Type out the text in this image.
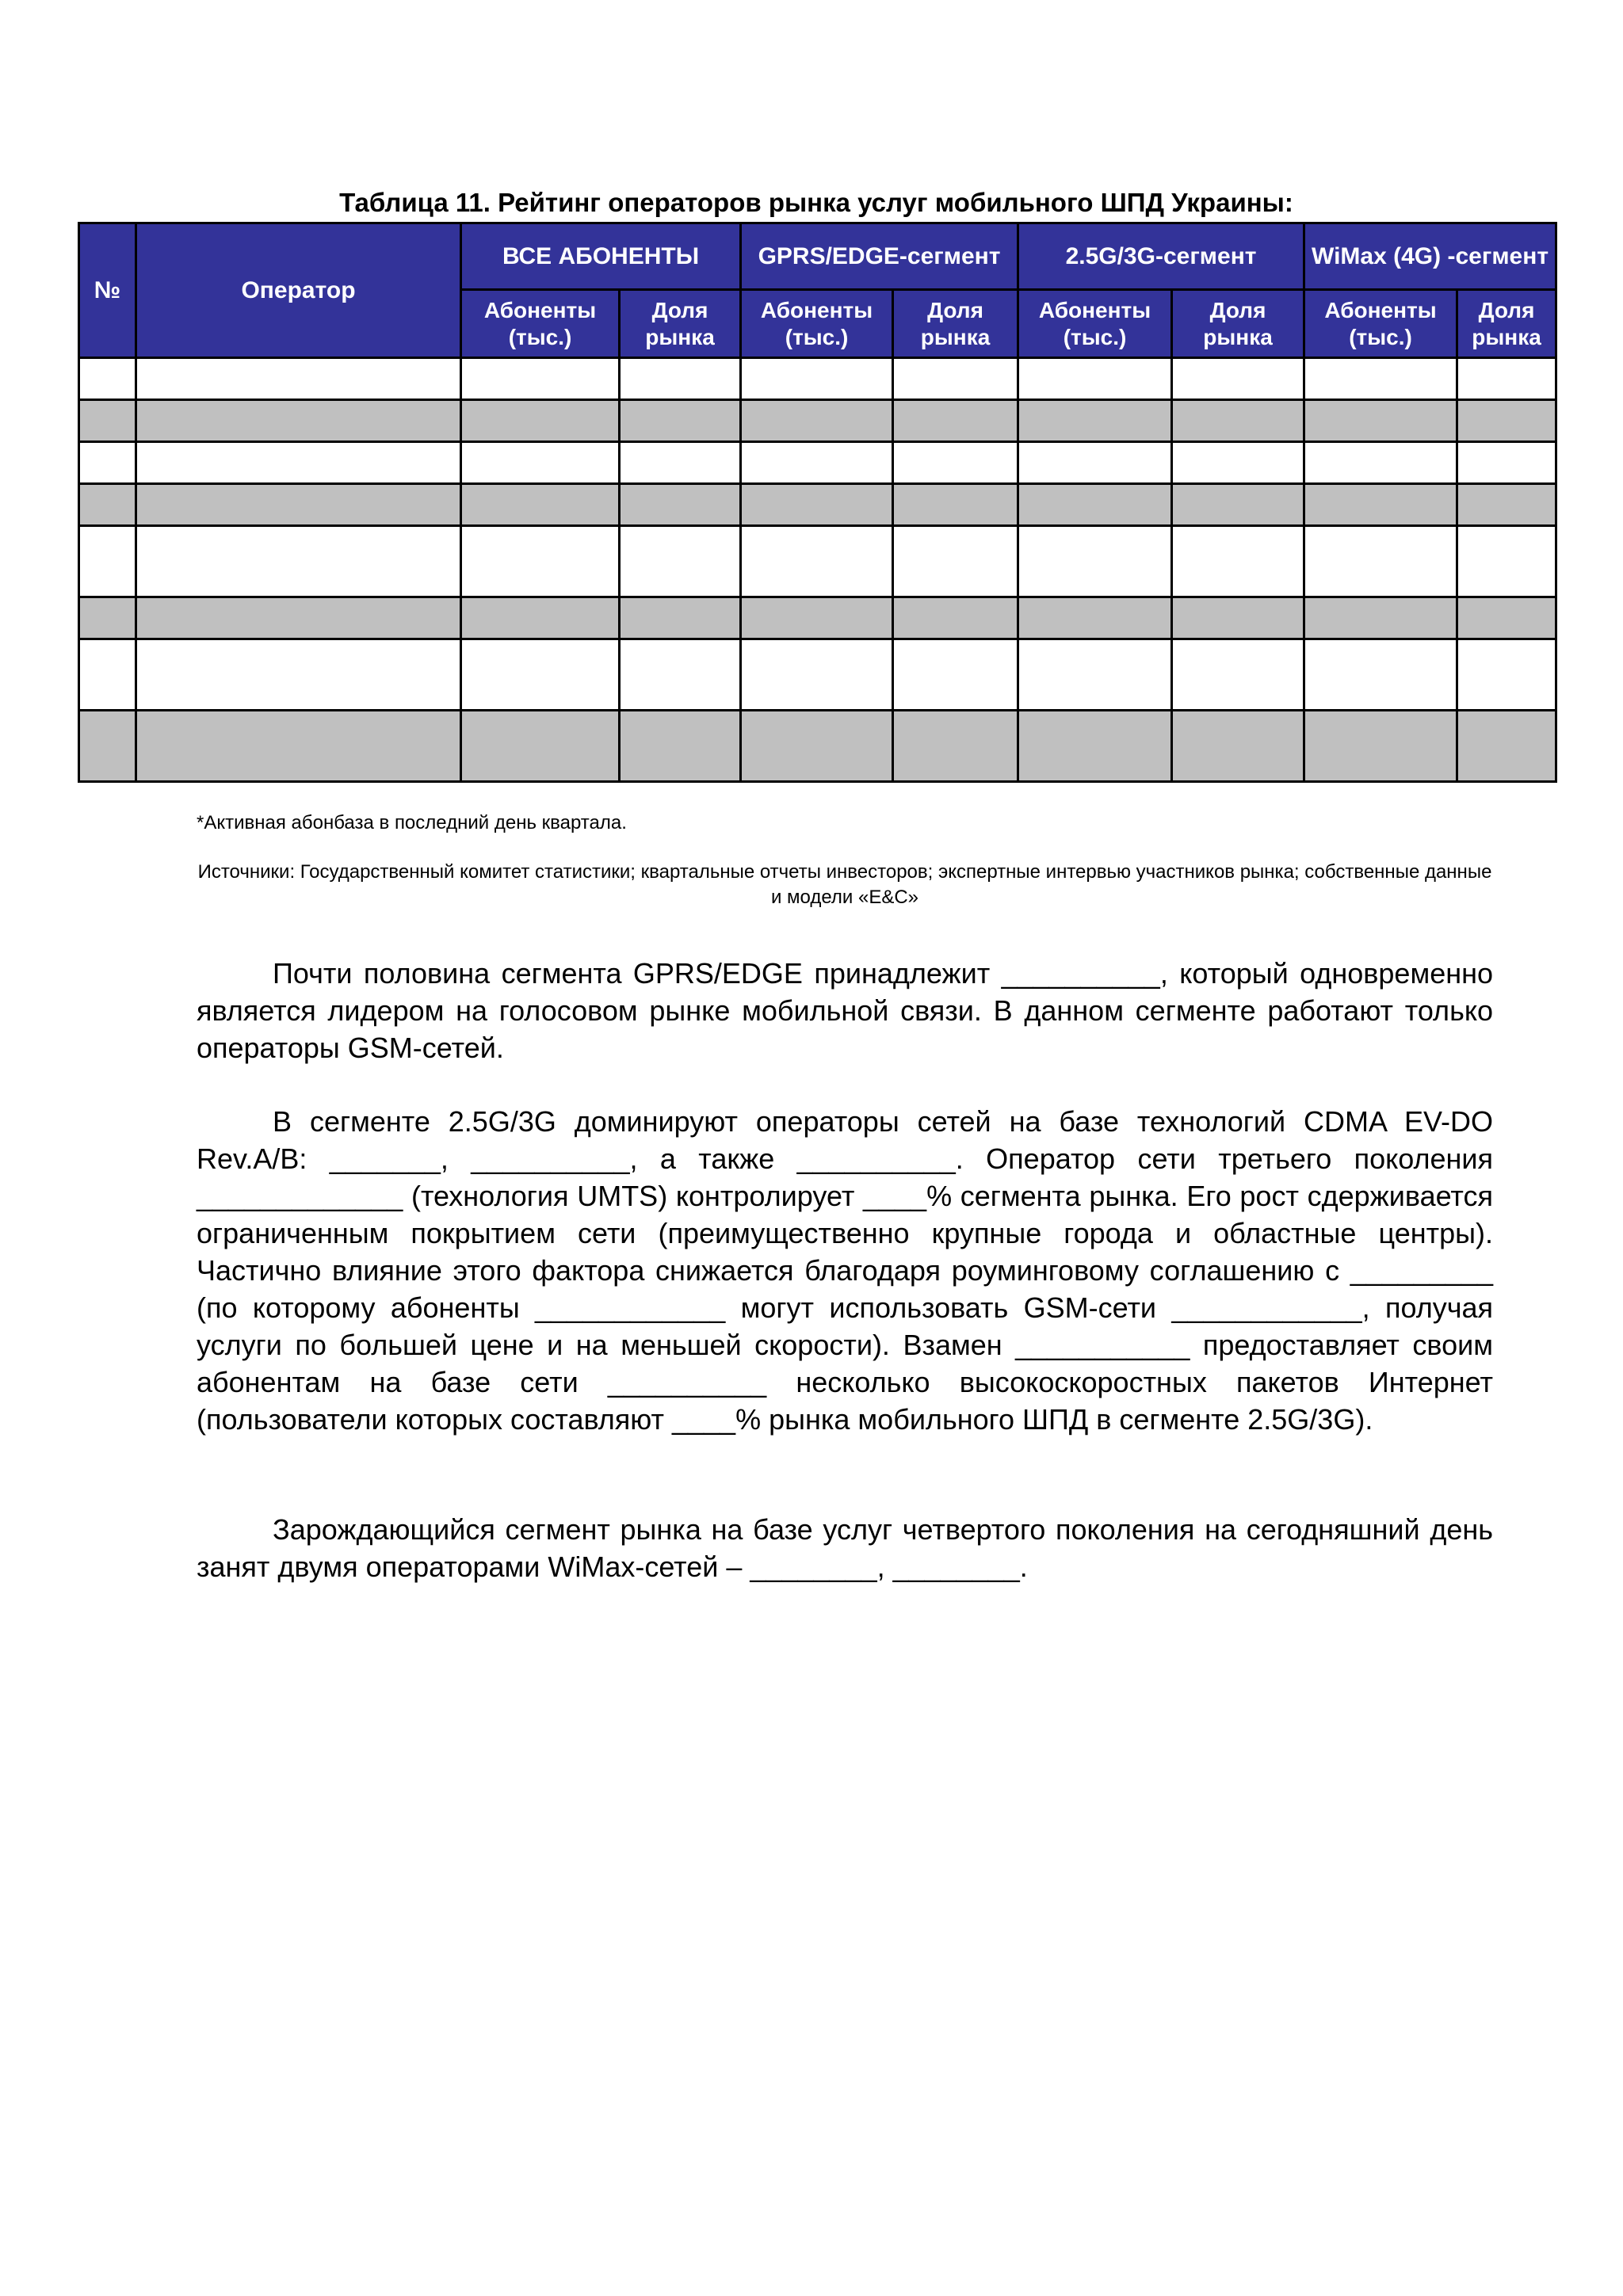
Таблица 11. Рейтинг операторов рынка услуг мобильного ШПД Украины:
№	Оператор	ВСЕ АБОНЕНТЫ		GPRS/EDGE-сегмент		2.5G/3G-сегмент		WiMax (4G) -сегмент	
		Абоненты (тыс.)	Доля рынка	Абоненты (тыс.)	Доля рынка	Абоненты (тыс.)	Доля рынка	Абоненты (тыс.)	Доля рынка

*Активная абонбаза в последний день квартала.
Источники: Государственный комитет статистики; квартальные отчеты инвесторов; экспертные интервью участников рынка; собственные данные и модели «E&C»

Почти половина сегмента GPRS/EDGE принадлежит __________, который одновременно является лидером на голосовом рынке мобильной связи. В данном сегменте работают только операторы GSM-сетей.

В сегменте 2.5G/3G доминируют операторы сетей на базе технологий CDMA EV-DO Rev.A/B: _______, __________, а также __________. Оператор сети третьего поколения _____________ (технология UMTS) контролирует ____% сегмента рынка. Его рост сдерживается ограниченным покрытием сети (преимущественно крупные города и областные центры). Частично влияние этого фактора снижается благодаря роуминговому соглашению с _________ (по которому абоненты ____________ могут использовать GSM-сети ____________, получая услуги по большей цене и на меньшей скорости). Взамен ___________ предоставляет своим абонентам на базе сети __________ несколько высокоскоростных пакетов Интернет (пользователи которых составляют ____% рынка мобильного ШПД в сегменте 2.5G/3G).

Зарождающийся сегмент рынка на базе услуг четвертого поколения на сегодняшний день занят двумя операторами WiMax-сетей – ________, ________.
